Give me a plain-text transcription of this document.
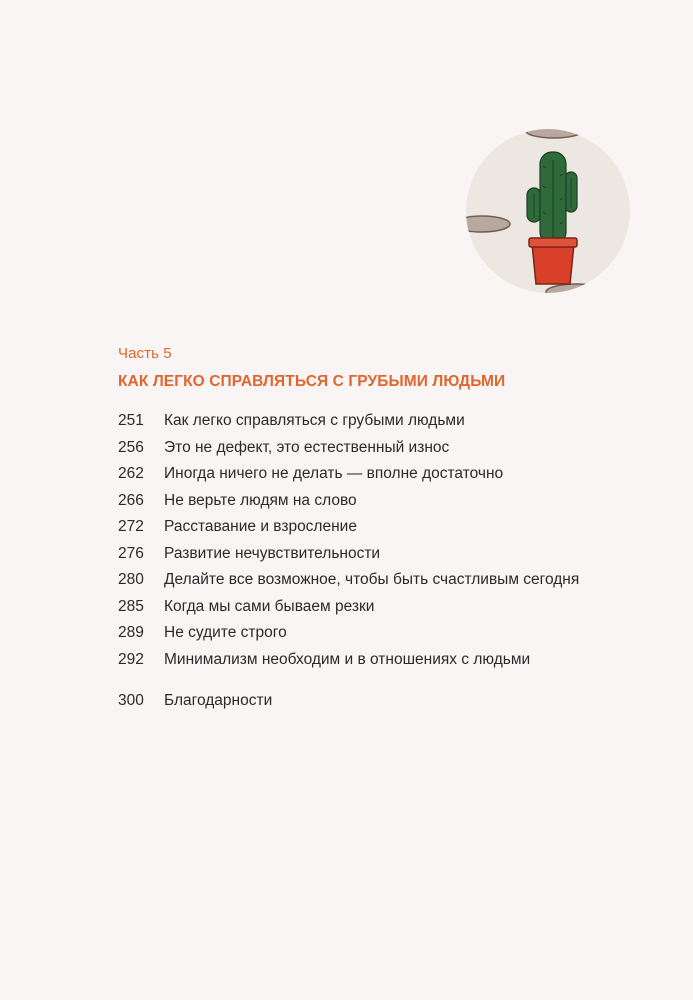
Часть 5
КАК ЛЕГКО СПРАВЛЯТЬСЯ С ГРУБЫМИ ЛЮДЬМИ
251 Как легко справляться с грубыми людьми
256 Это не дефект, это естественный износ
262 Иногда ничего не делать — вполне достаточно
266 Не верьте людям на слово
272 Расставание и взросление
276 Развитие нечувствительности
280 Делайте все возможное, чтобы быть счастливым сегодня
285 Когда мы сами бываем резки
289 Не судите строго
292 Минимализм необходим и в отношениях с людьми
300 Благодарности
